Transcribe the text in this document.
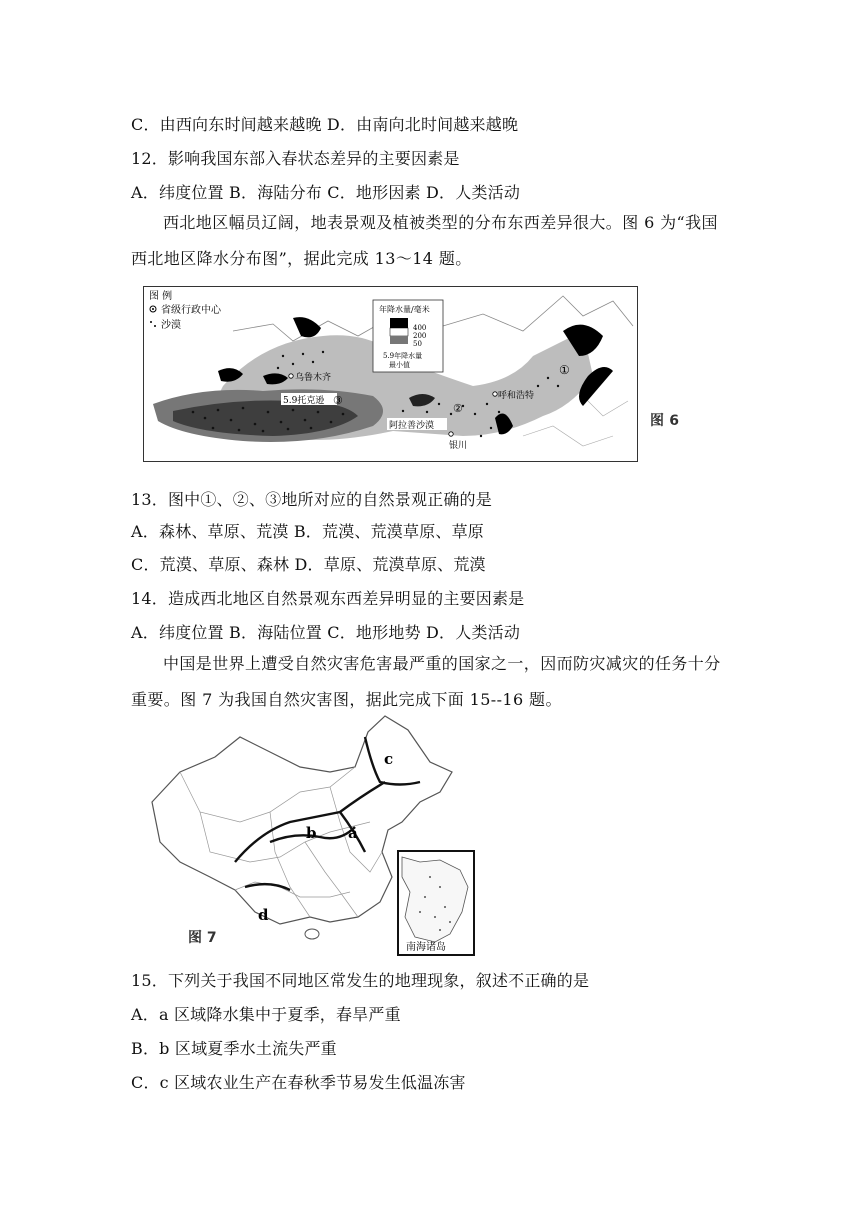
C．由西向东时间越来越晚 D．由南向北时间越来越晚
12．影响我国东部入春状态差异的主要因素是
A．纬度位置 B．海陆分布 C．地形因素 D．人类活动
西北地区幅员辽阔，地表景观及植被类型的分布东西差异很大。图 6 为“我国西北地区降水分布图”，据此完成 13～14 题。
图 例
省级行政中心
沙漠
年降水量/毫米
400
200
50
5.9年降水量
最小值
乌鲁木齐
5.9托克逊 ③
阿拉善沙漠
②
呼和浩特
银川
①
图 6
13．图中①、②、③地所对应的自然景观正确的是
A．森林、草原、荒漠 B．荒漠、荒漠草原、草原
C．荒漠、草原、森林 D．草原、荒漠草原、荒漠
14．造成西北地区自然景观东西差异明显的主要因素是
A．纬度位置 B．海陆位置 C．地形地势 D．人类活动
中国是世界上遭受自然灾害危害最严重的国家之一，因而防灾减灾的任务十分重要。图 7 为我国自然灾害图，据此完成下面 15--16 题。
c
b a
d
图 7
南海诸岛
15．下列关于我国不同地区常发生的地理现象，叙述不正确的是
A．a 区域降水集中于夏季，春旱严重
B．b 区域夏季水土流失严重
C．c 区域农业生产在春秋季节易发生低温冻害
